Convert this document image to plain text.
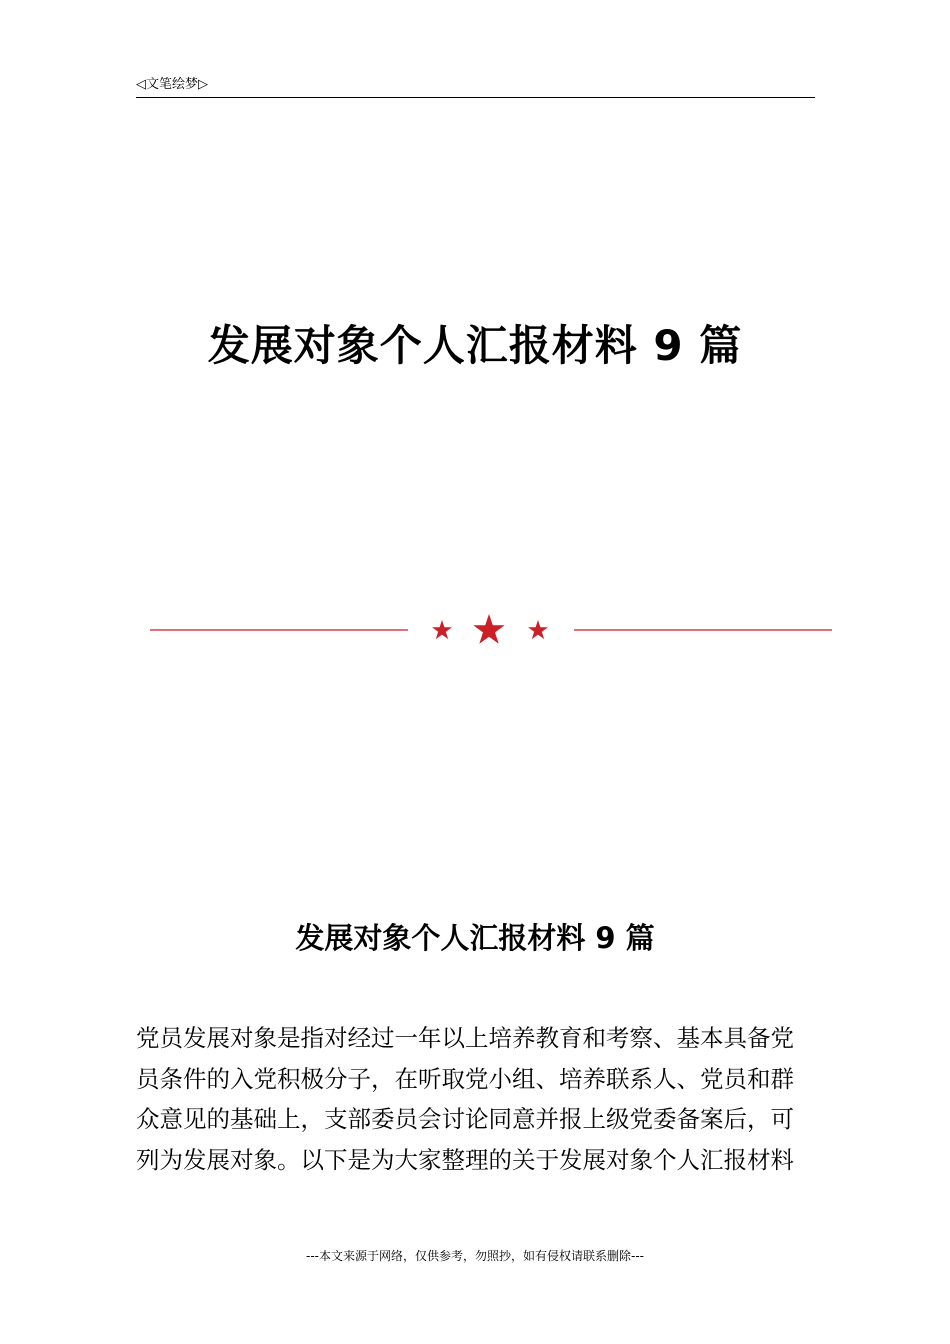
◁文笔绘梦▷
发展对象个人汇报材料 9 篇
发展对象个人汇报材料 9 篇

党员发展对象是指对经过一年以上培养教育和考察、基本具备党
员条件的入党积极分子，在听取党小组、培养联系人、党员和群
众意见的基础上，支部委员会讨论同意并报上级党委备案后，可
列为发展对象。以下是为大家整理的关于发展对象个人汇报材料

---本文来源于网络，仅供参考，勿照抄，如有侵权请联系删除---
